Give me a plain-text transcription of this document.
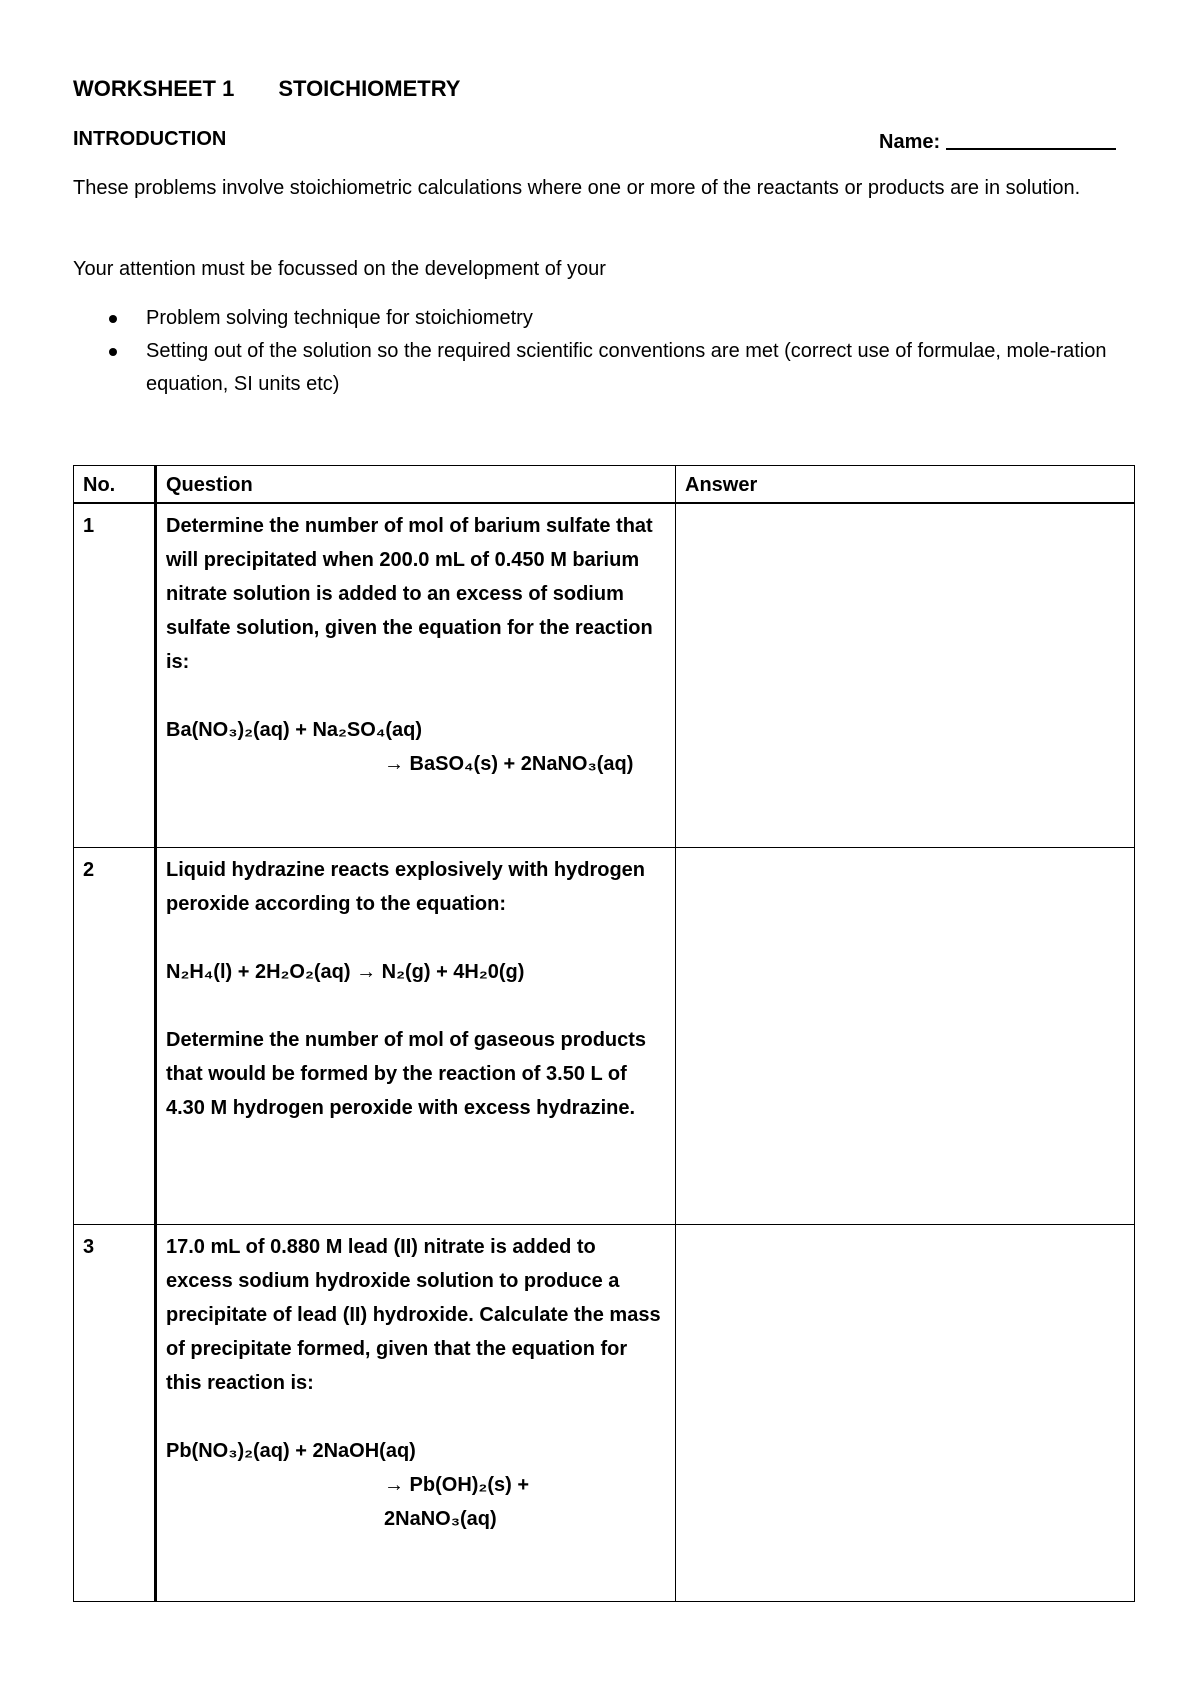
WORKSHEET 1 STOICHIOMETRY
INTRODUCTION	Name:
These problems involve stoichiometric calculations where one or more of the reactants or products are in solution.
Your attention must be focussed on the development of your
Problem solving technique for stoichiometry
Setting out of the solution so the required scientific conventions are met (correct use of formulae, mole-ration equation, SI units etc)
No.	Question	Answer
1	Determine the number of mol of barium sulfate that will precipitated when 200.0 mL of 0.450 M barium nitrate solution is added to an excess of sodium sulfate solution, given the equation for the reaction is:
Ba(NO₃)₂(aq) + Na₂SO₄(aq)
→ BaSO₄(s) + 2NaNO₃(aq)	

2	Liquid hydrazine reacts explosively with hydrogen peroxide according to the equation:
N₂H₄(l) + 2H₂O₂(aq) → N₂(g) + 4H₂0(g)
Determine the number of mol of gaseous products that would be formed by the reaction of 3.50 L of 4.30 M hydrogen peroxide with excess hydrazine.	

3	17.0 mL of 0.880 M lead (II) nitrate is added to excess sodium hydroxide solution to produce a precipitate of lead (II) hydroxide. Calculate the mass of precipitate formed, given that the equation for this reaction is:
Pb(NO₃)₂(aq) + 2NaOH(aq)
→ Pb(OH)₂(s) +
2NaNO₃(aq)	
